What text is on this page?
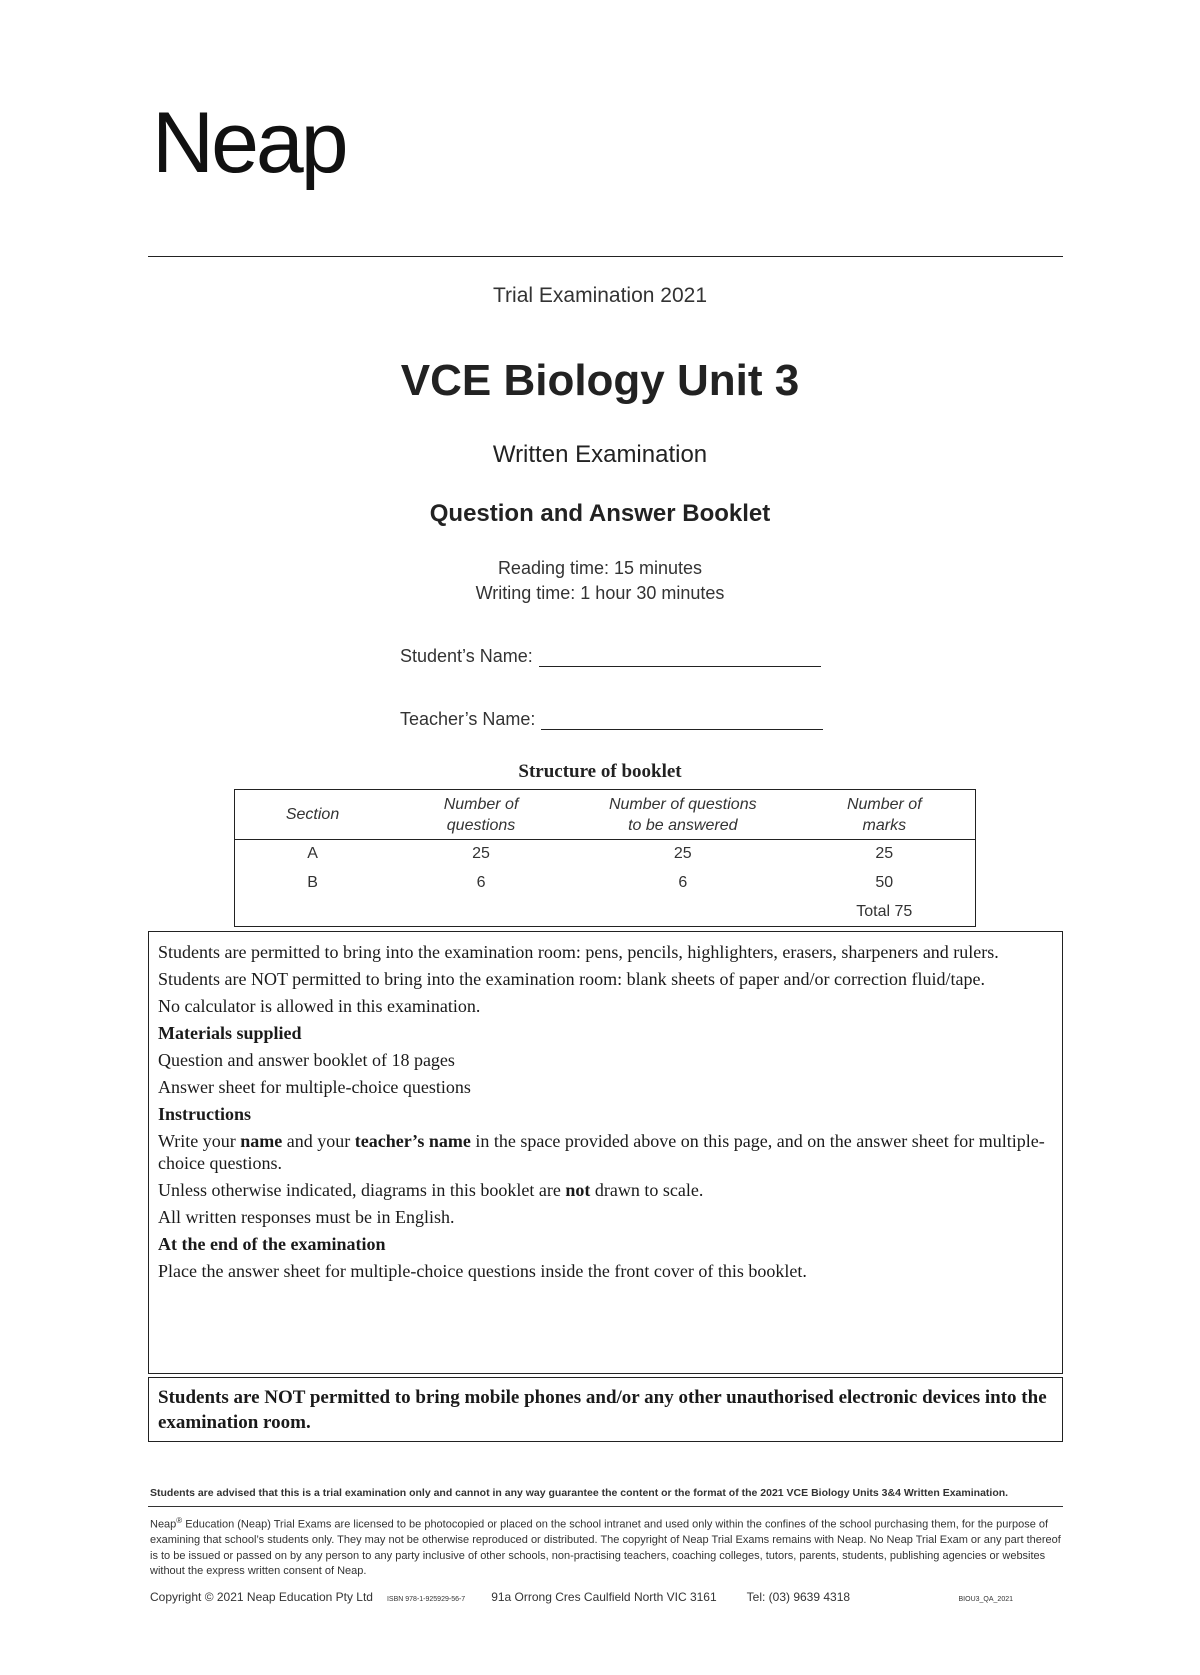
Neap
Trial Examination 2021
VCE Biology Unit 3
Written Examination
Question and Answer Booklet
Reading time: 15 minutes
Writing time: 1 hour 30 minutes
Student’s Name:
Teacher’s Name:
Structure of booklet
Section	Number of questions	Number of questions to be answered	Number of marks
A	25	25	25
B	6	6	50
			Total 75

Students are permitted to bring into the examination room: pens, pencils, highlighters, erasers, sharpeners and rulers.

Students are NOT permitted to bring into the examination room: blank sheets of paper and/or correction fluid/tape.

No calculator is allowed in this examination.

Materials supplied

Question and answer booklet of 18 pages

Answer sheet for multiple-choice questions

Instructions

Write your name and your teacher’s name in the space provided above on this page, and on the answer sheet for multiple-choice questions.

Unless otherwise indicated, diagrams in this booklet are not drawn to scale.

All written responses must be in English.

At the end of the examination

Place the answer sheet for multiple-choice questions inside the front cover of this booklet.

Students are NOT permitted to bring mobile phones and/or any other unauthorised electronic devices into the examination room.
Students are advised that this is a trial examination only and cannot in any way guarantee the content or the format of the 2021 VCE Biology Units 3&4 Written Examination.
Neap® Education (Neap) Trial Exams are licensed to be photocopied or placed on the school intranet and used only within the confines of the school purchasing them, for the purpose of examining that school’s students only. They may not be otherwise reproduced or distributed. The copyright of Neap Trial Exams remains with Neap. No Neap Trial Exam or any part thereof is to be issued or passed on by any person to any party inclusive of other schools, non-practising teachers, coaching colleges, tutors, parents, students, publishing agencies or websites without the express written consent of Neap.
Copyright © 2021 Neap Education Pty Ltd ISBN 978-1-925929-56-7 91a Orrong Cres Caulfield North VIC 3161	Tel: (03) 9639 4318	BIOU3_QA_2021
